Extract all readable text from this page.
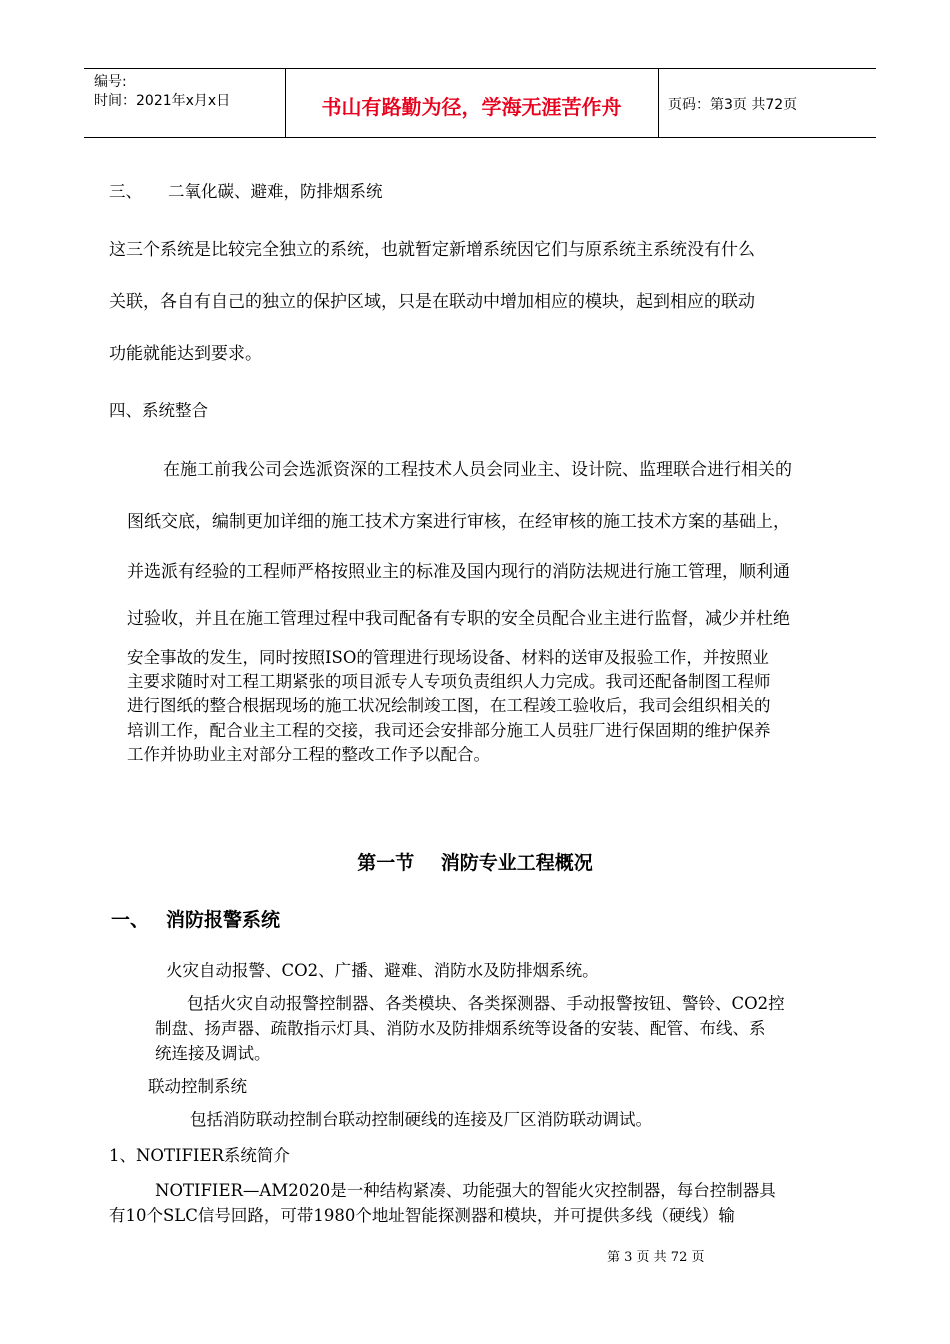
编号:
时间：2021年x月x日	书山有路勤为径，学海无涯苦作舟	页码：第3页 共72页
三、 二氧化碳、避难，防排烟系统
这三个系统是比较完全独立的系统，也就暂定新增系统因它们与原系统主系统没有什么
关联，各自有自己的独立的保护区域，只是在联动中增加相应的模块，起到相应的联动
功能就能达到要求。
四、系统整合
在施工前我公司会选派资深的工程技术人员会同业主、设计院、监理联合进行相关的
图纸交底，编制更加详细的施工技术方案进行审核，在经审核的施工技术方案的基础上，
并选派有经验的工程师严格按照业主的标准及国内现行的消防法规进行施工管理，顺利通
过验收，并且在施工管理过程中我司配备有专职的安全员配合业主进行监督，减少并杜绝
安全事故的发生，同时按照ISO的管理进行现场设备、材料的送审及报验工作，并按照业
主要求随时对工程工期紧张的项目派专人专项负责组织人力完成。我司还配备制图工程师
进行图纸的整合根据现场的施工状况绘制竣工图，在工程竣工验收后，我司会组织相关的
培训工作，配合业主工程的交接，我司还会安排部分施工人员驻厂进行保固期的维护保养
工作并协助业主对部分工程的整改工作予以配合。
第一节    消防专业工程概况
一、 消防报警系统
火灾自动报警、CO2、广播、避难、消防水及防排烟系统。
包括火灾自动报警控制器、各类模块、各类探测器、手动报警按钮、警铃、CO2控
制盘、扬声器、疏散指示灯具、消防水及防排烟系统等设备的安装、配管、布线、系
统连接及调试。
联动控制系统
包括消防联动控制台联动控制硬线的连接及厂区消防联动调试。
1、NOTIFIER系统简介
NOTIFIER—AM2020是一种结构紧凑、功能强大的智能火灾控制器，每台控制器具
有10个SLC信号回路，可带1980个地址智能探测器和模块，并可提供多线（硬线）输
第 3 页 共 72 页
